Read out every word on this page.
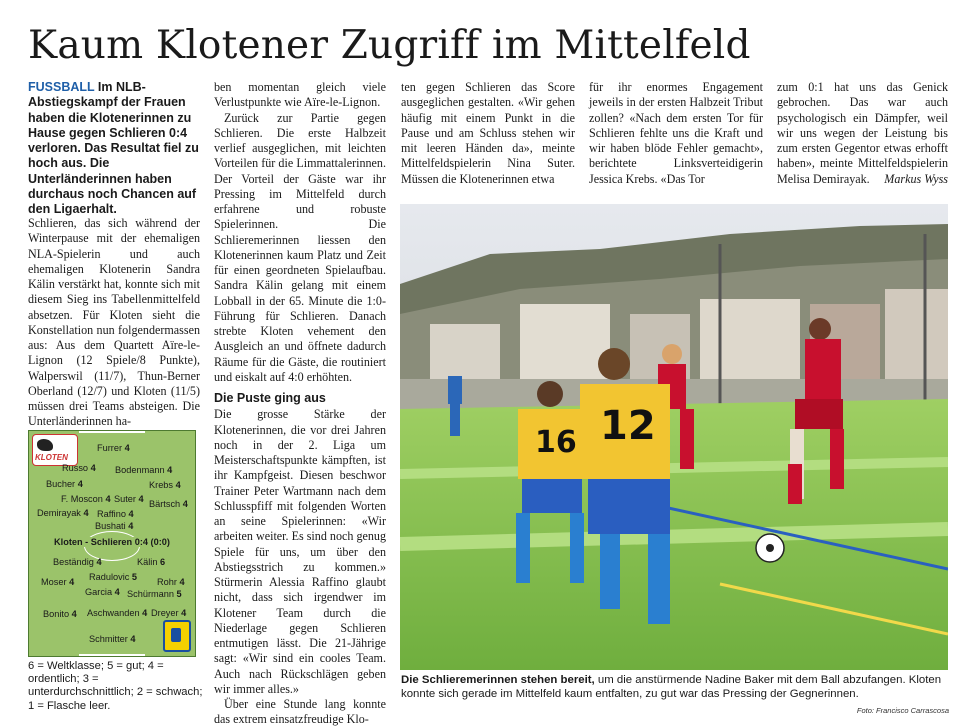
Kaum Klotener Zugriff im Mittelfeld
FUSSBALL Im NLB-Abstiegskampf der Frauen haben die Klotenerinnen zu Hause gegen Schlieren 0:4 verloren. Das Resultat fiel zu hoch aus. Die Unterländerinnen haben durchaus noch Chancen auf den Ligaerhalt.

Schlieren, das sich während der Winterpause mit der ehemaligen NLA-Spielerin und auch ehemaligen Klotenerin Sandra Kälin verstärkt hat, konnte sich mit diesem Sieg ins Tabellenmittelfeld absetzen. Für Kloten sieht die Konstellation nun folgendermassen aus: Aus dem Quartett Aïre-le-Lignon (12 Spiele/8 Punkte), Walperswil (11/7), Thun-Berner Oberland (12/7) und Kloten (11/5) müssen drei Teams absteigen. Die Unterländerinnen ha-

KLOTEN
Furrer 4
Russo 4 Bodenmann 4
Bucher 4	Krebs 4
F. Moscon 4 Suter 4 Bärtsch 4
Demirayak 4 Raffino 4
Bushati 4
Kloten - Schlieren 0:4 (0:0)
Beständig 4	Kälin 6
Radulovic 5
Moser 4	Rohr 4
Garcia 4 Schürmann 5
Bonito 4 Aschwanden 4 Dreyer 4
Schmitter 4
6 = Weltklasse; 5 = gut; 4 = ordentlich; 3 = unterdurchschnittlich; 2 = schwach; 1 = Flasche leer.

ben momentan gleich viele Verlustpunkte wie Aïre-le-Lignon.

Zurück zur Partie gegen Schlieren. Die erste Halbzeit verlief ausgeglichen, mit leichten Vorteilen für die Limmattalerinnen. Der Vorteil der Gäste war ihr Pressing im Mittelfeld durch erfahrene und robuste Spielerinnen. Die Schlieremerinnen liessen den Klotenerinnen kaum Platz und Zeit für einen geordneten Spielaufbau. Sandra Kälin gelang mit einem Lobball in der 65. Minute die 1:0-Führung für Schlieren. Danach strebte Kloten vehement den Ausgleich an und öffnete dadurch Räume für die Gäste, die routiniert und eiskalt auf 4:0 erhöhten.

Die Puste ging aus

Die grosse Stärke der Klotenerinnen, die vor drei Jahren noch in der 2. Liga um Meisterschaftspunkte kämpften, ist ihr Kampfgeist. Diesen beschwor Trainer Peter Wartmann nach dem Schlusspfiff mit folgenden Worten an seine Spielerinnen: «Wir arbeiten weiter. Es sind noch genug Spiele für uns, um über den Abstiegsstrich zu kommen.» Stürmerin Alessia Raffino glaubt nicht, dass sich irgendwer im Klotener Team durch die Niederlage gegen Schlieren entmutigen lässt. Die 21-Jährige sagt: «Wir sind ein cooles Team. Auch nach Rückschlägen geben wir immer alles.»

Über eine Stunde lang konnte das extrem einsatzfreudige Klo-

ten gegen Schlieren das Score ausgeglichen gestalten. «Wir gehen häufig mit einem Punkt in die Pause und am Schluss stehen wir mit leeren Händen da», meinte Mittelfeldspielerin Nina Suter. Müssen die Klotenerinnen etwa

für ihr enormes Engagement jeweils in der ersten Halbzeit Tribut zollen? «Nach dem ersten Tor für Schlieren fehlte uns die Kraft und wir haben blöde Fehler gemacht», berichtete Linksverteidigerin Jessica Krebs. «Das Tor

zum 0:1 hat uns das Genick gebrochen. Das war auch psychologisch ein Dämpfer, weil wir uns wegen der Leistung bis zum ersten Gegentor etwas erhofft haben», meinte Mittelfeldspielerin Melisa Demirayak. Markus Wyss

16 12
Die Schlieremerinnen stehen bereit, um die anstürmende Nadine Baker mit dem Ball abzufangen. Kloten konnte sich gerade im Mittelfeld kaum entfalten, zu gut war das Pressing der Gegnerinnen.
Foto: Francisco Carrascosa
